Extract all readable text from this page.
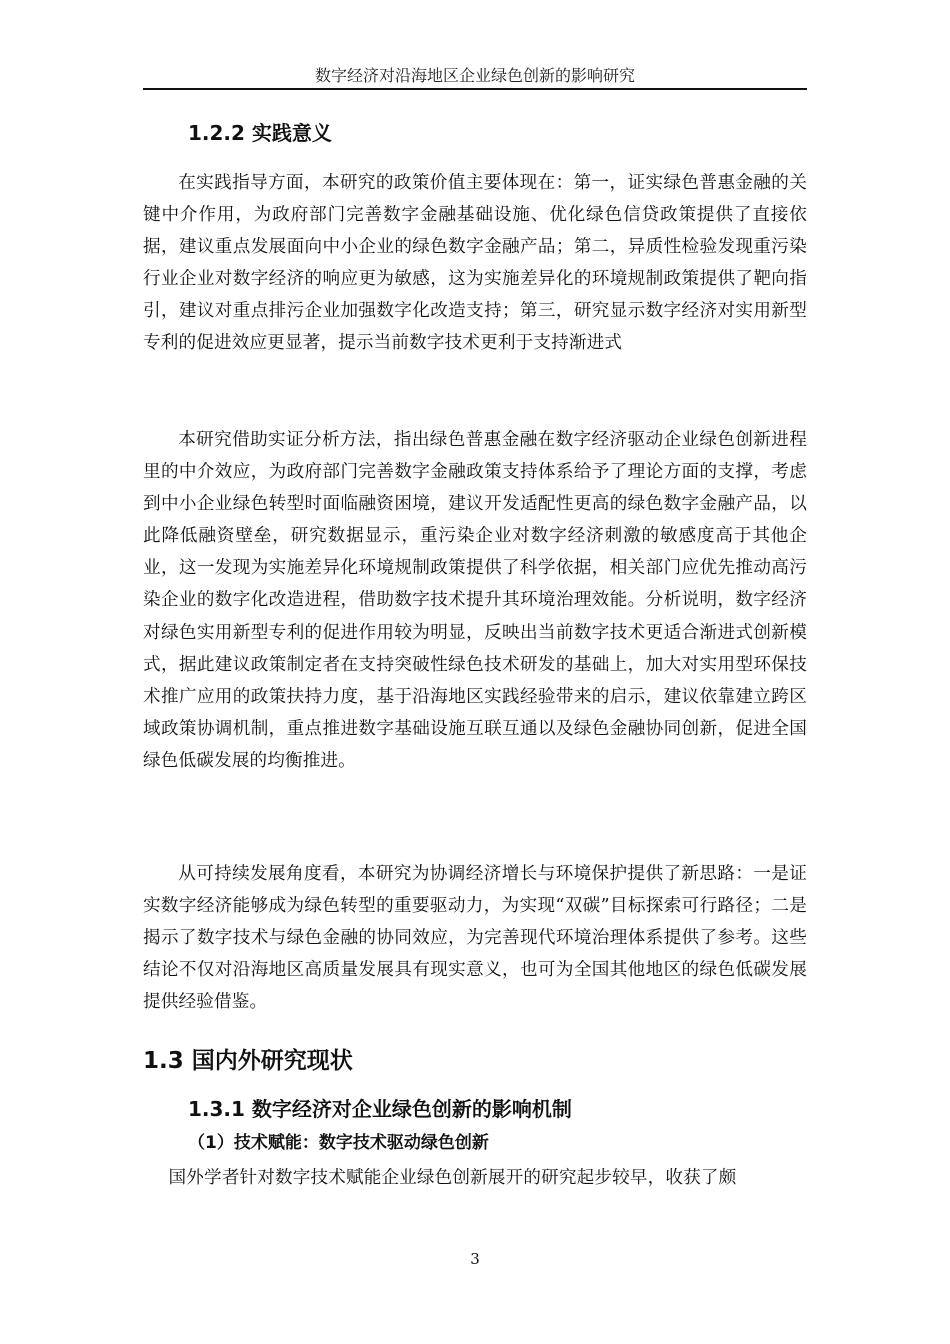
数字经济对沿海地区企业绿色创新的影响研究
1.2.2 实践意义

在实践指导方面，本研究的政策价值主要体现在：第一，证实绿色普惠金融的关键中介作用，为政府部门完善数字金融基础设施、优化绿色信贷政策提供了直接依据，建议重点发展面向中小企业的绿色数字金融产品；第二，异质性检验发现重污染行业企业对数字经济的响应更为敏感，这为实施差异化的环境规制政策提供了靶向指引，建议对重点排污企业加强数字化改造支持；第三，研究显示数字经济对实用新型专利的促进效应更显著，提示当前数字技术更利于支持渐进式

本研究借助实证分析方法，指出绿色普惠金融在数字经济驱动企业绿色创新进程里的中介效应，为政府部门完善数字金融政策支持体系给予了理论方面的支撑，考虑到中小企业绿色转型时面临融资困境，建议开发适配性更高的绿色数字金融产品，以此降低融资壁垒，研究数据显示，重污染企业对数字经济刺激的敏感度高于其他企业，这一发现为实施差异化环境规制政策提供了科学依据，相关部门应优先推动高污染企业的数字化改造进程，借助数字技术提升其环境治理效能。分析说明，数字经济对绿色实用新型专利的促进作用较为明显，反映出当前数字技术更适合渐进式创新模式，据此建议政策制定者在支持突破性绿色技术研发的基础上，加大对实用型环保技术推广应用的政策扶持力度，基于沿海地区实践经验带来的启示，建议依靠建立跨区域政策协调机制，重点推进数字基础设施互联互通以及绿色金融协同创新，促进全国绿色低碳发展的均衡推进。

从可持续发展角度看，本研究为协调经济增长与环境保护提供了新思路：一是证实数字经济能够成为绿色转型的重要驱动力，为实现“双碳”目标探索可行路径；二是揭示了数字技术与绿色金融的协同效应，为完善现代环境治理体系提供了参考。这些结论不仅对沿海地区高质量发展具有现实意义，也可为全国其他地区的绿色低碳发展提供经验借鉴。

1.3 国内外研究现状
1.3.1 数字经济对企业绿色创新的影响机制
（1）技术赋能：数字技术驱动绿色创新

国外学者针对数字技术赋能企业绿色创新展开的研究起步较早，收获了颇

3
